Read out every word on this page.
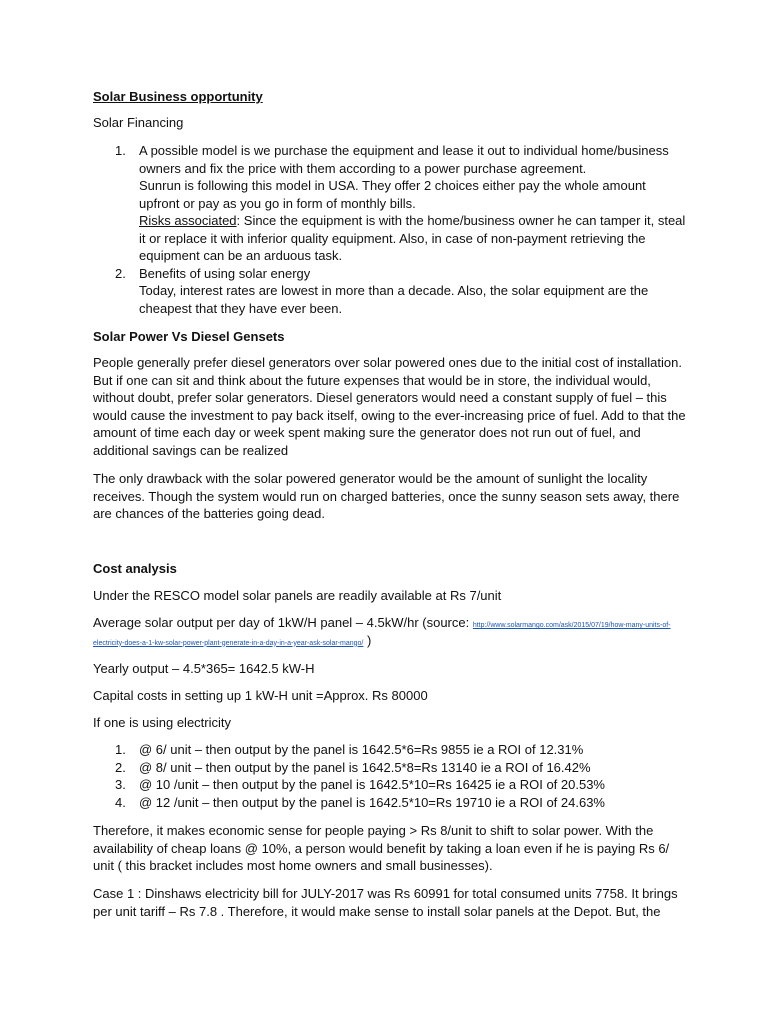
Solar Business opportunity
Solar Financing
1. A possible model is we purchase the equipment and lease it out to individual home/business owners and fix the price with them according to a power purchase agreement.
Sunrun is following this model in USA. They offer 2 choices either pay the whole amount upfront or pay as you go in form of monthly bills.
Risks associated: Since the equipment is with the home/business owner he can tamper it, steal it or replace it with inferior quality equipment. Also, in case of non-payment retrieving the equipment can be an arduous task.
2. Benefits of using solar energy
Today, interest rates are lowest in more than a decade. Also, the solar equipment are the cheapest that they have ever been.
Solar Power Vs Diesel Gensets
People generally prefer diesel generators over solar powered ones due to the initial cost of installation. But if one can sit and think about the future expenses that would be in store, the individual would, without doubt, prefer solar generators. Diesel generators would need a constant supply of fuel – this would cause the investment to pay back itself, owing to the ever-increasing price of fuel. Add to that the amount of time each day or week spent making sure the generator does not run out of fuel, and additional savings can be realized
The only drawback with the solar powered generator would be the amount of sunlight the locality receives. Though the system would run on charged batteries, once the sunny season sets away, there are chances of the batteries going dead.
Cost analysis
Under the RESCO model solar panels are readily available at Rs 7/unit
Average solar output per day of 1kW/H panel – 4.5kW/hr (source: http://www.solarmango.com/ask/2015/07/19/how-many-units-of-electricity-does-a-1-kw-solar-power-plant-generate-in-a-day-in-a-year-ask-solar-mango/ )
Yearly output – 4.5*365= 1642.5 kW-H
Capital costs in setting up 1 kW-H unit =Approx. Rs 80000
If one is using electricity
1. @ 6/ unit – then output by the panel is 1642.5*6=Rs 9855 ie a ROI of 12.31%
2. @ 8/ unit – then output by the panel is 1642.5*8=Rs 13140 ie a ROI of 16.42%
3. @ 10 /unit – then output by the panel is 1642.5*10=Rs 16425 ie a ROI of 20.53%
4. @ 12 /unit – then output by the panel is 1642.5*10=Rs 19710 ie a ROI of 24.63%
Therefore, it makes economic sense for people paying > Rs 8/unit to shift to solar power. With the availability of cheap loans @ 10%, a person would benefit by taking a loan even if he is paying Rs 6/ unit ( this bracket includes most home owners and small businesses).
Case 1 : Dinshaws electricity bill for JULY-2017 was Rs 60991 for total consumed units 7758. It brings per unit tariff – Rs 7.8 . Therefore, it would make sense to install solar panels at the Depot. But, the
